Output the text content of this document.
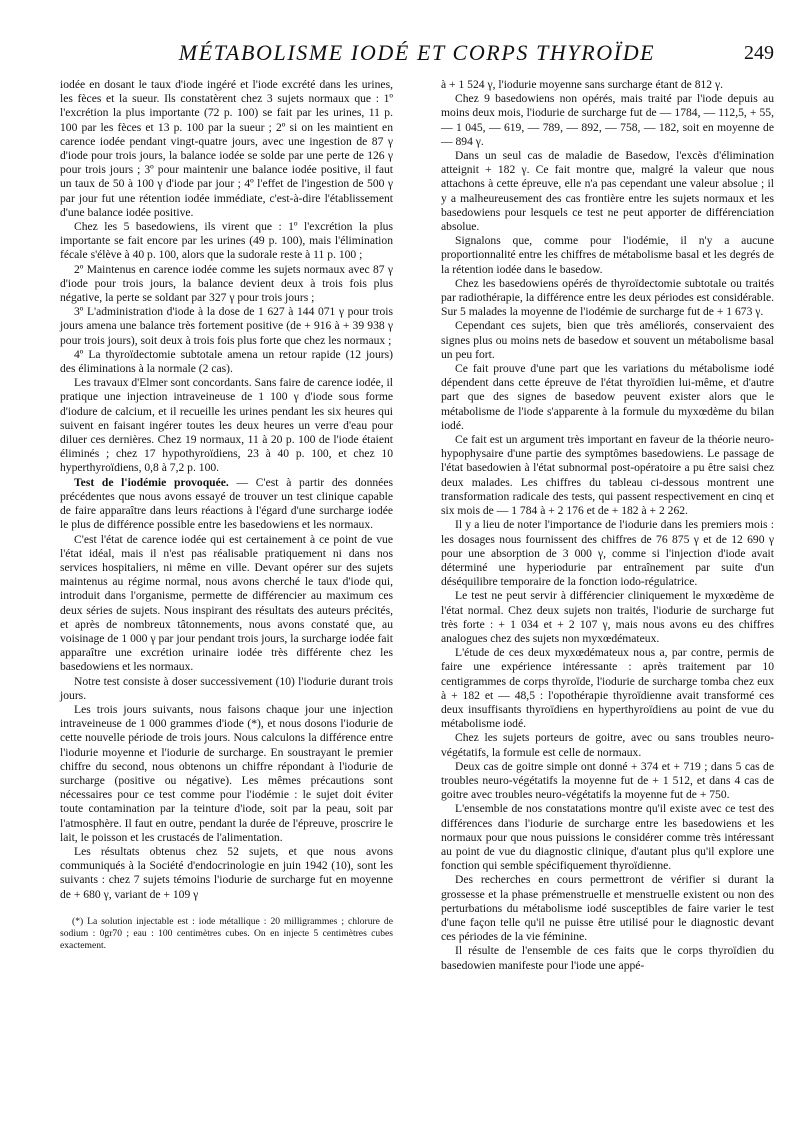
MÉTABOLISME IODÉ ET CORPS THYROÏDE	249

iodée en dosant le taux d'iode ingéré et l'iode excrété dans les urines, les fèces et la sueur. Ils constatèrent chez 3 sujets normaux que : 1º l'excrétion la plus importante (72 p. 100) se fait par les urines, 11 p. 100 par les fèces et 13 p. 100 par la sueur ; 2º si on les maintient en carence iodée pendant vingt-quatre jours, avec une ingestion de 87 γ d'iode pour trois jours, la balance iodée se solde par une perte de 126 γ pour trois jours ; 3º pour maintenir une balance iodée positive, il faut un taux de 50 à 100 γ d'iode par jour ; 4º l'effet de l'ingestion de 500 γ par jour fut une rétention iodée immédiate, c'est-à-dire l'établissement d'une balance iodée positive.

Chez les 5 basedowiens, ils virent que : 1º l'excrétion la plus importante se fait encore par les urines (49 p. 100), mais l'élimination fécale s'élève à 40 p. 100, alors que la sudorale reste à 11 p. 100 ;

2º Maintenus en carence iodée comme les sujets normaux avec 87 γ d'iode pour trois jours, la balance devient deux à trois fois plus négative, la perte se soldant par 327 γ pour trois jours ;

3º L'administration d'iode à la dose de 1 627 à 144 071 γ pour trois jours amena une balance très fortement positive (de + 916 à + 39 938 γ pour trois jours), soit deux à trois fois plus forte que chez les normaux ;

4º La thyroïdectomie subtotale amena un retour rapide (12 jours) des éliminations à la normale (2 cas).

Les travaux d'Elmer sont concordants. Sans faire de carence iodée, il pratique une injection intraveineuse de 1 100 γ d'iode sous forme d'iodure de calcium, et il recueille les urines pendant les six heures qui suivent en faisant ingérer toutes les deux heures un verre d'eau pour diluer ces dernières. Chez 19 normaux, 11 à 20 p. 100 de l'iode étaient éliminés ; chez 17 hypothyroïdiens, 23 à 40 p. 100, et chez 10 hyperthyroïdiens, 0,8 à 7,2 p. 100.

Test de l'iodémie provoquée. — C'est à partir des données précédentes que nous avons essayé de trouver un test clinique capable de faire apparaître dans leurs réactions à l'égard d'une surcharge iodée le plus de différence possible entre les basedowiens et les normaux.

C'est l'état de carence iodée qui est certainement à ce point de vue l'état idéal, mais il n'est pas réalisable pratiquement ni dans nos services hospitaliers, ni même en ville. Devant opérer sur des sujets maintenus au régime normal, nous avons cherché le taux d'iode qui, introduit dans l'organisme, permette de différencier au maximum ces deux séries de sujets. Nous inspirant des résultats des auteurs précités, et après de nombreux tâtonnements, nous avons constaté que, au voisinage de 1 000 γ par jour pendant trois jours, la surcharge iodée fait apparaître une excrétion urinaire iodée très différente chez les basedowiens et les normaux.

Notre test consiste à doser successivement (10) l'iodurie durant trois jours.

Les trois jours suivants, nous faisons chaque jour une injection intraveineuse de 1 000 grammes d'iode (*), et nous dosons l'iodurie de cette nouvelle période de trois jours. Nous calculons la différence entre l'iodurie moyenne et l'iodurie de surcharge. En soustrayant le premier chiffre du second, nous obtenons un chiffre répondant à l'iodurie de surcharge (positive ou négative). Les mêmes précautions sont nécessaires pour ce test comme pour l'iodémie : le sujet doit éviter toute contamination par la teinture d'iode, soit par la peau, soit par l'atmosphère. Il faut en outre, pendant la durée de l'épreuve, proscrire le lait, le poisson et les crustacés de l'alimentation.

Les résultats obtenus chez 52 sujets, et que nous avons communiqués à la Société d'endocrinologie en juin 1942 (10), sont les suivants : chez 7 sujets témoins l'iodurie de surcharge fut en moyenne de + 680 γ, variant de + 109 γ

(*) La solution injectable est : iode métallique : 20 milligrammes ; chlorure de sodium : 0gr70 ; eau : 100 centimètres cubes. On en injecte 5 centimètres cubes exactement.

à + 1 524 γ, l'iodurie moyenne sans surcharge étant de 812 γ.

Chez 9 basedowiens non opérés, mais traité par l'iode depuis au moins deux mois, l'iodurie de surcharge fut de — 1784, — 112,5, + 55, — 1 045, — 619, — 789, — 892, — 758, — 182, soit en moyenne de — 894 γ.

Dans un seul cas de maladie de Basedow, l'excès d'élimination atteignit + 182 γ. Ce fait montre que, malgré la valeur que nous attachons à cette épreuve, elle n'a pas cependant une valeur absolue ; il y a malheureusement des cas frontière entre les sujets normaux et les basedowiens pour lesquels ce test ne peut apporter de différenciation absolue.

Signalons que, comme pour l'iodémie, il n'y a aucune proportionnalité entre les chiffres de métabolisme basal et les degrés de la rétention iodée dans le basedow.

Chez les basedowiens opérés de thyroïdectomie subtotale ou traités par radiothérapie, la différence entre les deux périodes est considérable. Sur 5 malades la moyenne de l'iodémie de surcharge fut de + 1 673 γ.

Cependant ces sujets, bien que très améliorés, conservaient des signes plus ou moins nets de basedow et souvent un métabolisme basal un peu fort.

Ce fait prouve d'une part que les variations du métabolisme iodé dépendent dans cette épreuve de l'état thyroïdien lui-même, et d'autre part que des signes de basedow peuvent exister alors que le métabolisme de l'iode s'apparente à la formule du myxœdème du bilan iodé.

Ce fait est un argument très important en faveur de la théorie neuro-hypophysaire d'une partie des symptômes basedowiens. Le passage de l'état basedowien à l'état subnormal post-opératoire a pu être saisi chez deux malades. Les chiffres du tableau ci-dessous montrent une transformation radicale des tests, qui passent respectivement en cinq et six mois de — 1 784 à + 2 176 et de + 182 à + 2 262.

Il y a lieu de noter l'importance de l'iodurie dans les premiers mois : les dosages nous fournissent des chiffres de 76 875 γ et de 12 690 γ pour une absorption de 3 000 γ, comme si l'injection d'iode avait déterminé une hyperiodurie par entraînement par suite d'un déséquilibre temporaire de la fonction iodo-régulatrice.

Le test ne peut servir à différencier cliniquement le myxœdème de l'état normal. Chez deux sujets non traités, l'iodurie de surcharge fut très forte : + 1 034 et + 2 107 γ, mais nous avons eu des chiffres analogues chez des sujets non myxœdémateux.

L'étude de ces deux myxœdémateux nous a, par contre, permis de faire une expérience intéressante : après traitement par 10 centigrammes de corps thyroïde, l'iodurie de surcharge tomba chez eux à + 182 et — 48,5 : l'opothérapie thyroïdienne avait transformé ces deux insuffisants thyroïdiens en hyperthyroïdiens au point de vue du métabolisme iodé.

Chez les sujets porteurs de goitre, avec ou sans troubles neuro-végétatifs, la formule est celle de normaux.

Deux cas de goitre simple ont donné + 374 et + 719 ; dans 5 cas de troubles neuro-végétatifs la moyenne fut de + 1 512, et dans 4 cas de goitre avec troubles neuro-végétatifs la moyenne fut de + 750.

L'ensemble de nos constatations montre qu'il existe avec ce test des différences dans l'iodurie de surcharge entre les basedowiens et les normaux pour que nous puissions le considérer comme très intéressant au point de vue du diagnostic clinique, d'autant plus qu'il explore une fonction qui semble spécifiquement thyroïdienne.

Des recherches en cours permettront de vérifier si durant la grossesse et la phase prémenstruelle et menstruelle existent ou non des perturbations du métabolisme iodé susceptibles de faire varier le test d'une façon telle qu'il ne puisse être utilisé pour le diagnostic devant ces périodes de la vie féminine.

Il résulte de l'ensemble de ces faits que le corps thyroïdien du basedowien manifeste pour l'iode une appé-
